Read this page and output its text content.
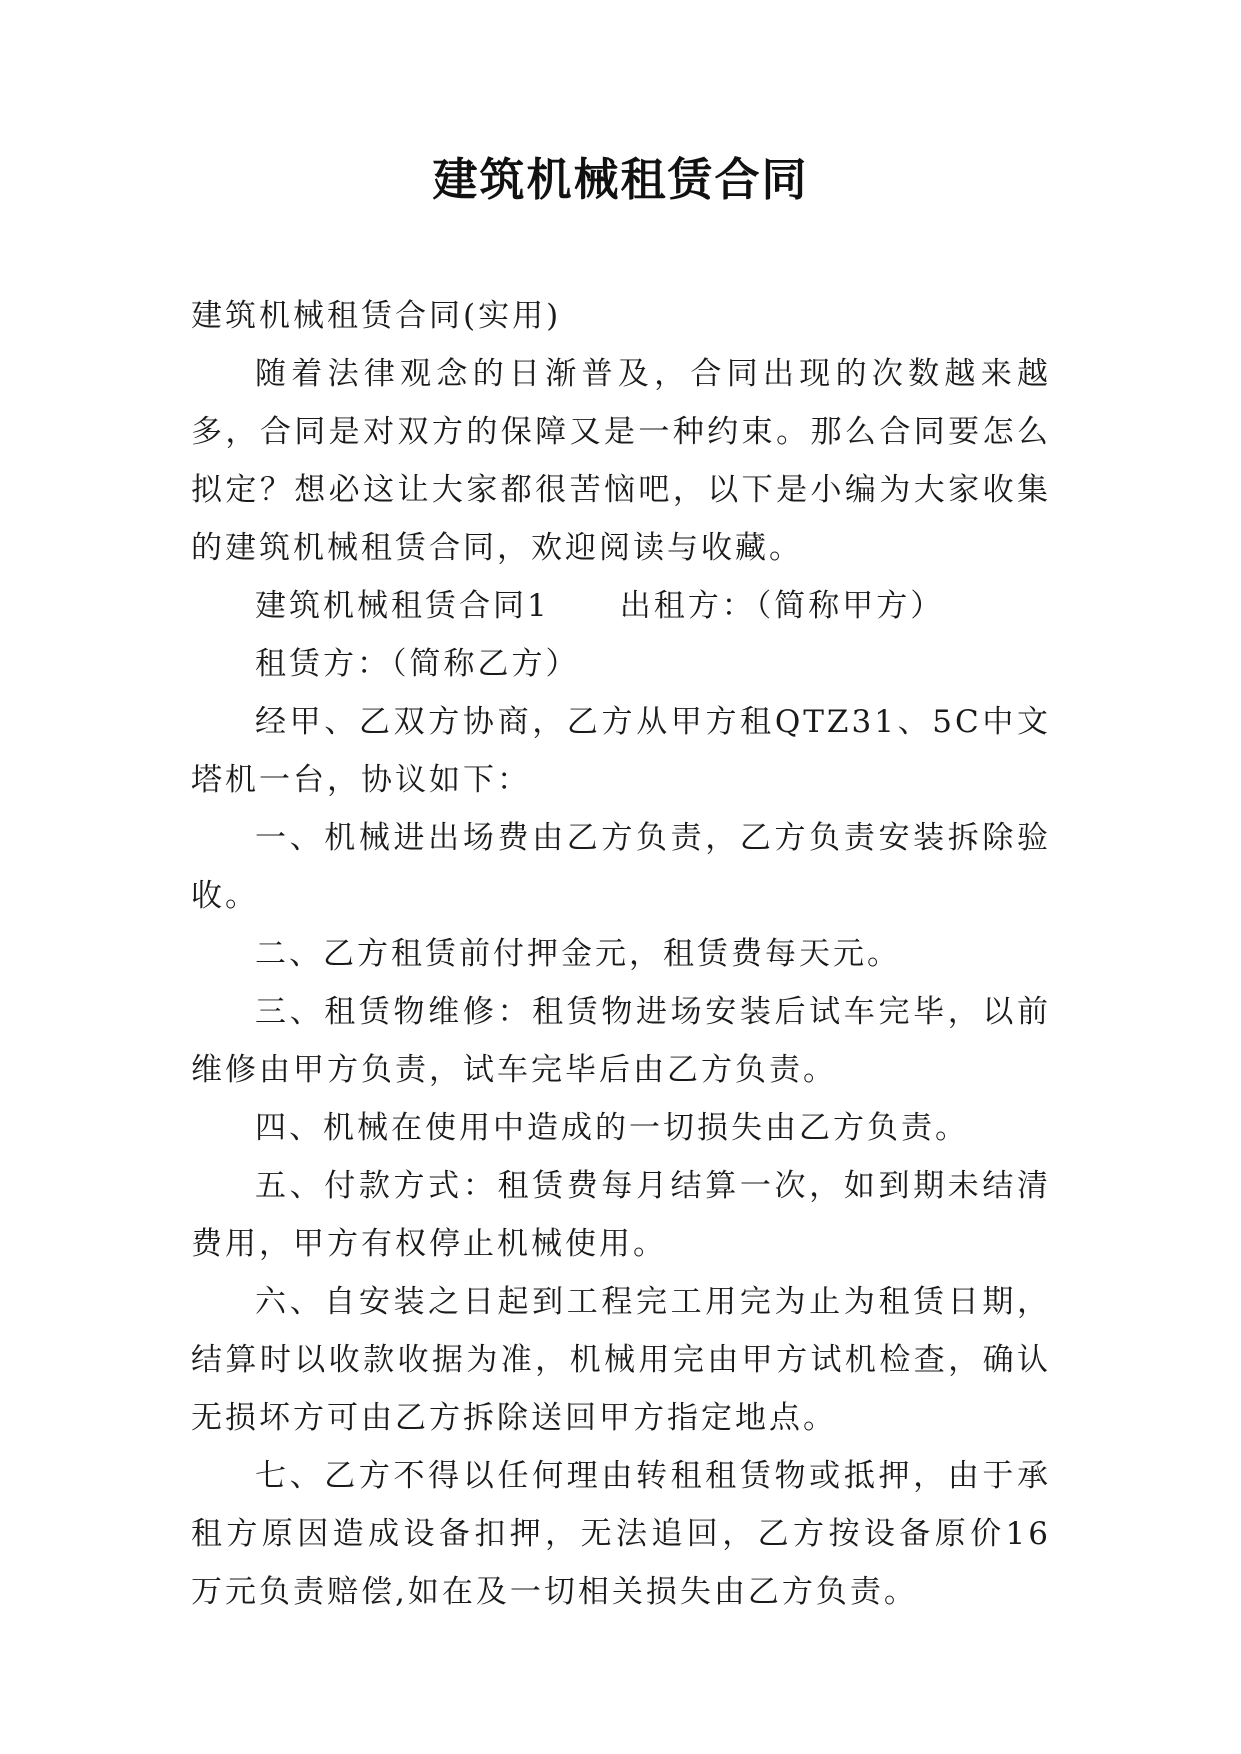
建筑机械租赁合同

建筑机械租赁合同(实用)

随着法律观念的日渐普及，合同出现的次数越来越多，合同是对双方的保障又是一种约束。那么合同要怎么拟定？想必这让大家都很苦恼吧，以下是小编为大家收集的建筑机械租赁合同，欢迎阅读与收藏。

建筑机械租赁合同1 出租方：（简称甲方）

租赁方：（简称乙方）

经甲、乙双方协商，乙方从甲方租QTZ31、5C中文塔机一台，协议如下：

一、机械进出场费由乙方负责，乙方负责安装拆除验收。

二、乙方租赁前付押金元，租赁费每天元。

三、租赁物维修：租赁物进场安装后试车完毕，以前维修由甲方负责，试车完毕后由乙方负责。

四、机械在使用中造成的一切损失由乙方负责。

五、付款方式：租赁费每月结算一次，如到期未结清费用，甲方有权停止机械使用。

六、自安装之日起到工程完工用完为止为租赁日期，结算时以收款收据为准，机械用完由甲方试机检查，确认无损坏方可由乙方拆除送回甲方指定地点。

七、乙方不得以任何理由转租租赁物或抵押，由于承租方原因造成设备扣押，无法追回，乙方按设备原价16万元负责赔偿,如在及一切相关损失由乙方负责。
